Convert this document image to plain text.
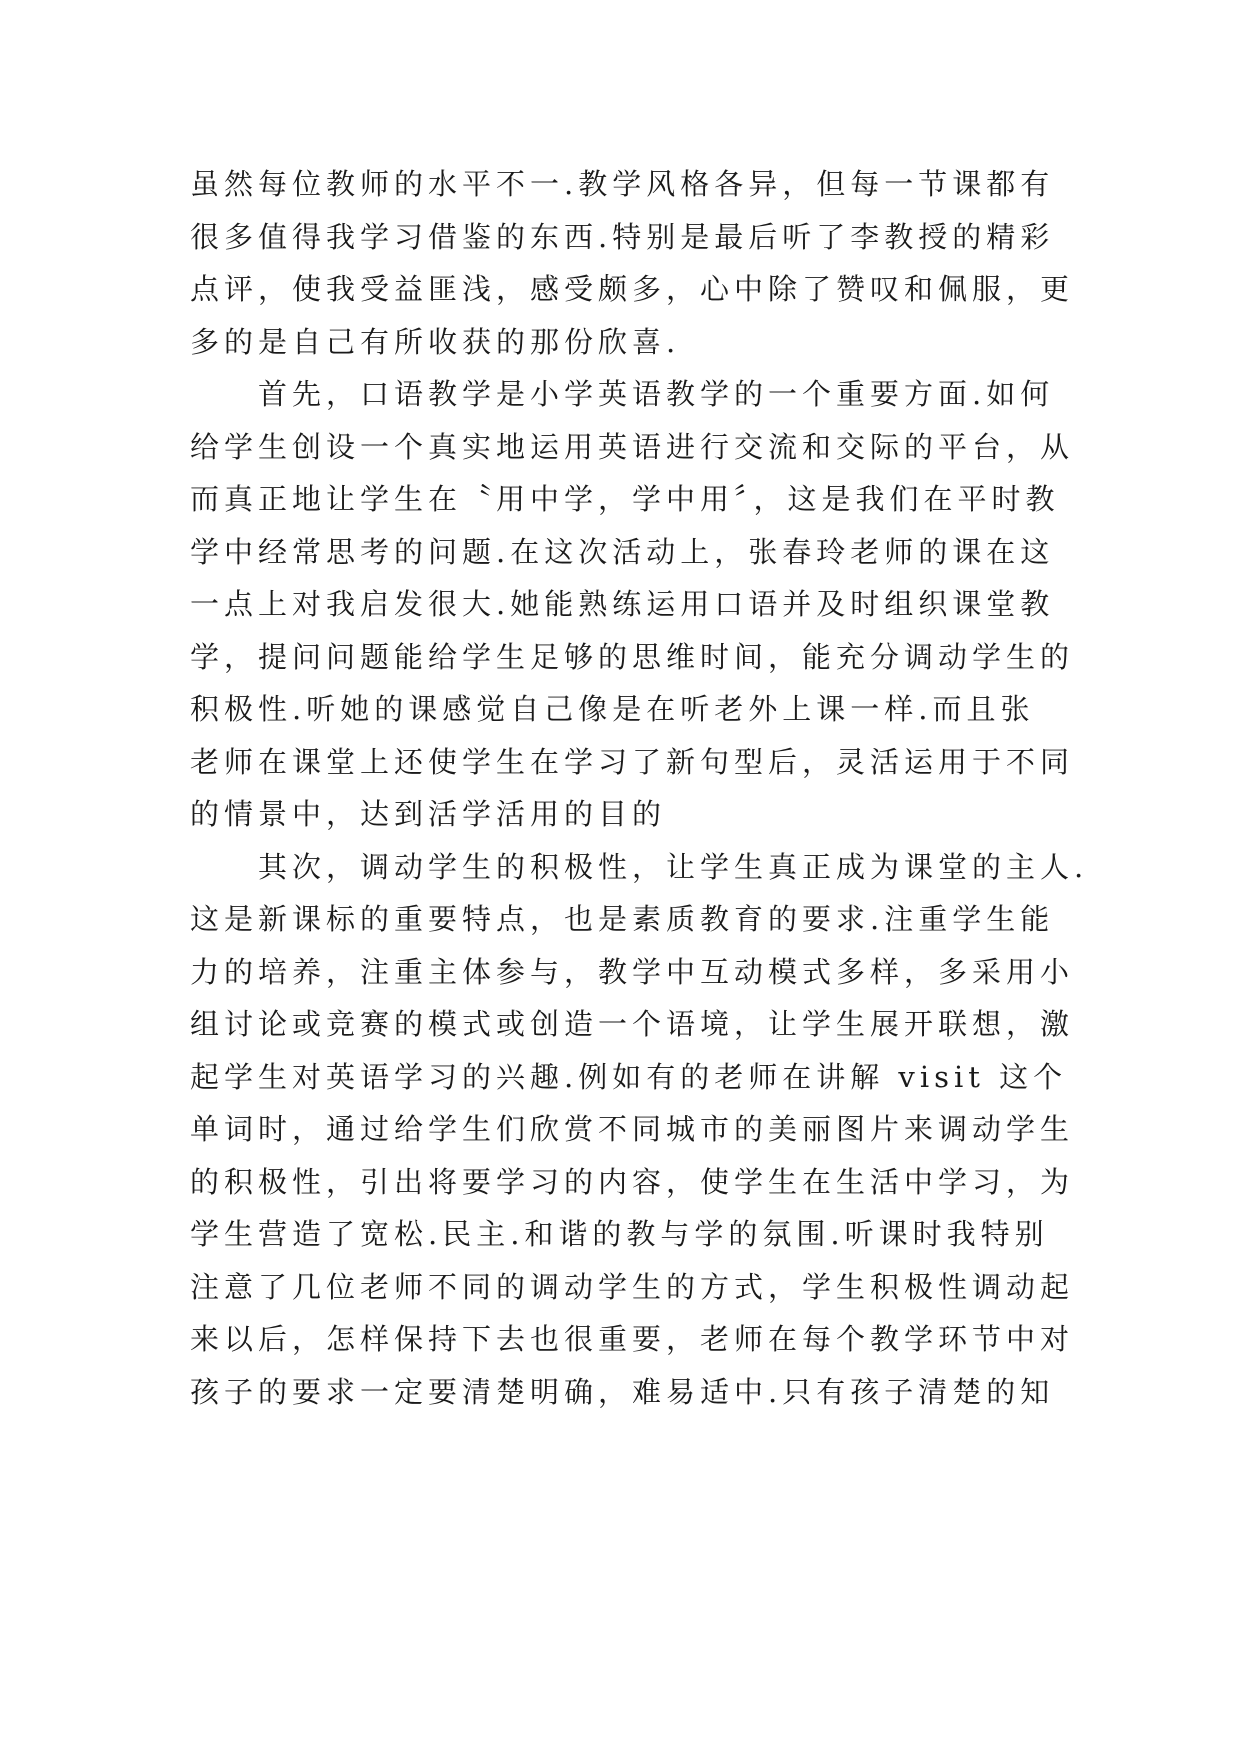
虽然每位教师的水平不一.教学风格各异，但每一节课都有
很多值得我学习借鉴的东西.特别是最后听了李教授的精彩
点评，使我受益匪浅，感受颇多，心中除了赞叹和佩服，更
多的是自己有所收获的那份欣喜.

首先，口语教学是小学英语教学的一个重要方面.如何
给学生创设一个真实地运用英语进行交流和交际的平台，从
而真正地让学生在〝用中学，学中用〞，这是我们在平时教
学中经常思考的问题.在这次活动上，张春玲老师的课在这
一点上对我启发很大.她能熟练运用口语并及时组织课堂教
学，提问问题能给学生足够的思维时间，能充分调动学生的
积极性.听她的课感觉自己像是在听老外上课一样.而且张
老师在课堂上还使学生在学习了新句型后，灵活运用于不同
的情景中，达到活学活用的目的

其次，调动学生的积极性，让学生真正成为课堂的主人.
这是新课标的重要特点，也是素质教育的要求.注重学生能
力的培养，注重主体参与，教学中互动模式多样，多采用小
组讨论或竞赛的模式或创造一个语境，让学生展开联想，激
起学生对英语学习的兴趣.例如有的老师在讲解 visit 这个
单词时，通过给学生们欣赏不同城市的美丽图片来调动学生
的积极性，引出将要学习的内容，使学生在生活中学习，为
学生营造了宽松.民主.和谐的教与学的氛围.听课时我特别
注意了几位老师不同的调动学生的方式，学生积极性调动起
来以后，怎样保持下去也很重要，老师在每个教学环节中对
孩子的要求一定要清楚明确，难易适中.只有孩子清楚的知
